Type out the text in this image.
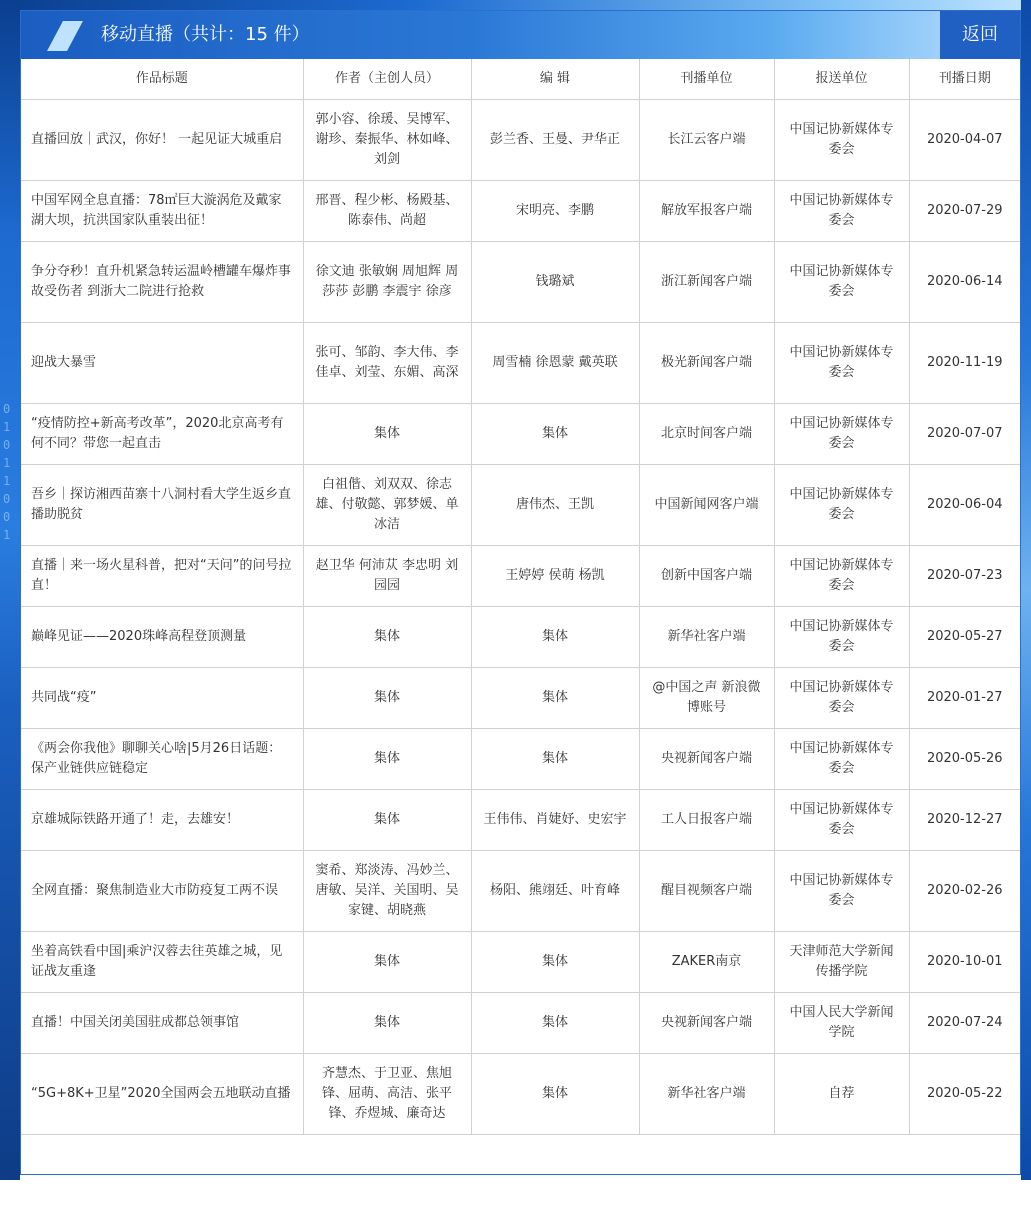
01011001
移动直播（共计：15 件）	返回
作品标题	作者（主创人员）	编 辑	刊播单位	报送单位	刊播日期
直播回放｜武汉，你好！ 一起见证大城重启	郭小容、徐瑗、吴博军、谢珍、秦振华、林如峰、刘剑	彭兰香、王曼、尹华正	长江云客户端	中国记协新媒体专委会	2020-04-07
中国军网全息直播：78㎡巨大漩涡危及戴家湖大坝，抗洪国家队重装出征！	邢晋、程少彬、杨殿基、陈泰伟、尚超	宋明亮、李鹏	解放军报客户端	中国记协新媒体专委会	2020-07-29
争分夺秒！直升机紧急转运温岭槽罐车爆炸事故受伤者 到浙大二院进行抢救	徐文迪 张敏娴 周旭辉 周莎莎 彭鹏 李震宇 徐彦	钱璐斌	浙江新闻客户端	中国记协新媒体专委会	2020-06-14
迎战大暴雪	张可、邹韵、李大伟、李佳卓、刘莹、东媚、高深	周雪楠 徐恩蒙 戴英联	极光新闻客户端	中国记协新媒体专委会	2020-11-19
“疫情防控+新高考改革”，2020北京高考有何不同？带您一起直击	集体	集体	北京时间客户端	中国记协新媒体专委会	2020-07-07
吾乡｜探访湘西苗寨十八洞村看大学生返乡直播助脱贫	白祖偕、刘双双、徐志雄、付敬懿、郭梦媛、单冰洁	唐伟杰、王凯	中国新闻网客户端	中国记协新媒体专委会	2020-06-04
直播｜来一场火星科普，把对“天问”的问号拉直！	赵卫华 何沛苁 李忠明 刘园园	王婷婷 侯萌 杨凯	创新中国客户端	中国记协新媒体专委会	2020-07-23
巅峰见证——2020珠峰高程登顶测量	集体	集体	新华社客户端	中国记协新媒体专委会	2020-05-27
共同战“疫”	集体	集体	@中国之声 新浪微博账号	中国记协新媒体专委会	2020-01-27
《两会你我他》聊聊关心啥|5月26日话题：保产业链供应链稳定	集体	集体	央视新闻客户端	中国记协新媒体专委会	2020-05-26
京雄城际铁路开通了！走，去雄安！	集体	王伟伟、肖婕妤、史宏宇	工人日报客户端	中国记协新媒体专委会	2020-12-27
全网直播：聚焦制造业大市防疫复工两不误	窦希、郑淡涛、冯妙兰、唐敏、吴洋、关国明、吴家键、胡晓燕	杨阳、熊翊廷、叶育峰	醒目视频客户端	中国记协新媒体专委会	2020-02-26
坐着高铁看中国|乘沪汉蓉去往英雄之城，见证战友重逢	集体	集体	ZAKER南京	天津师范大学新闻传播学院	2020-10-01
直播！中国关闭美国驻成都总领事馆	集体	集体	央视新闻客户端	中国人民大学新闻学院	2020-07-24
“5G+8K+卫星”2020全国两会五地联动直播	齐慧杰、于卫亚、焦旭锋、屈萌、高洁、张平锋、乔煜城、廉奇达	集体	新华社客户端	自荐	2020-05-22
